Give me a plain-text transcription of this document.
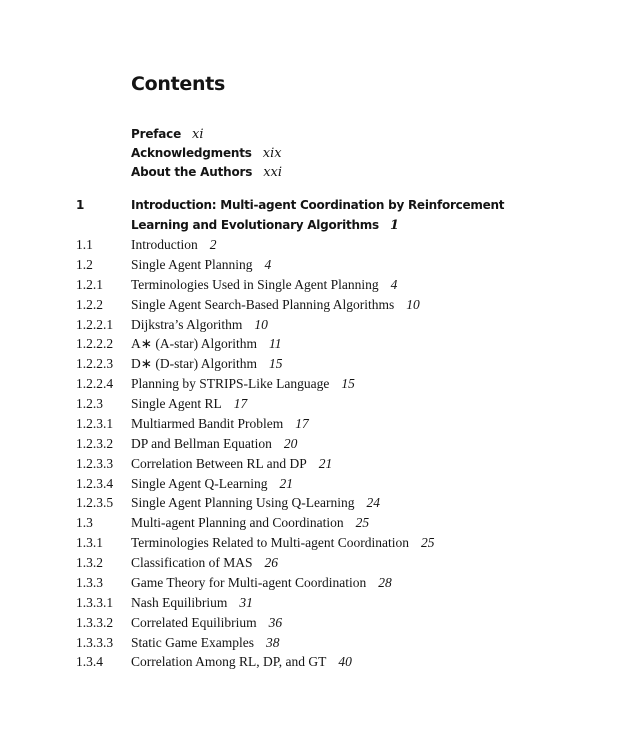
Contents
Preface xi
Acknowledgments xix
About the Authors xxi
1	Introduction: Multi-agent Coordination by Reinforcement Learning and Evolutionary Algorithms 1
1.1	Introduction 2
1.2	Single Agent Planning 4
1.2.1 Terminologies Used in Single Agent Planning 4
1.2.2 Single Agent Search-Based Planning Algorithms 10
1.2.2.1 Dijkstra’s Algorithm 10
1.2.2.2 A∗ (A-star) Algorithm 11
1.2.2.3 D∗ (D-star) Algorithm 15
1.2.2.4 Planning by STRIPS-Like Language 15
1.2.3 Single Agent RL 17
1.2.3.1 Multiarmed Bandit Problem 17
1.2.3.2 DP and Bellman Equation 20
1.2.3.3 Correlation Between RL and DP 21
1.2.3.4 Single Agent Q-Learning 21
1.2.3.5 Single Agent Planning Using Q-Learning 24
1.3	Multi-agent Planning and Coordination 25
1.3.1 Terminologies Related to Multi-agent Coordination 25
1.3.2 Classification of MAS 26
1.3.3 Game Theory for Multi-agent Coordination 28
1.3.3.1 Nash Equilibrium 31
1.3.3.2 Correlated Equilibrium 36
1.3.3.3 Static Game Examples 38
1.3.4 Correlation Among RL, DP, and GT 40
